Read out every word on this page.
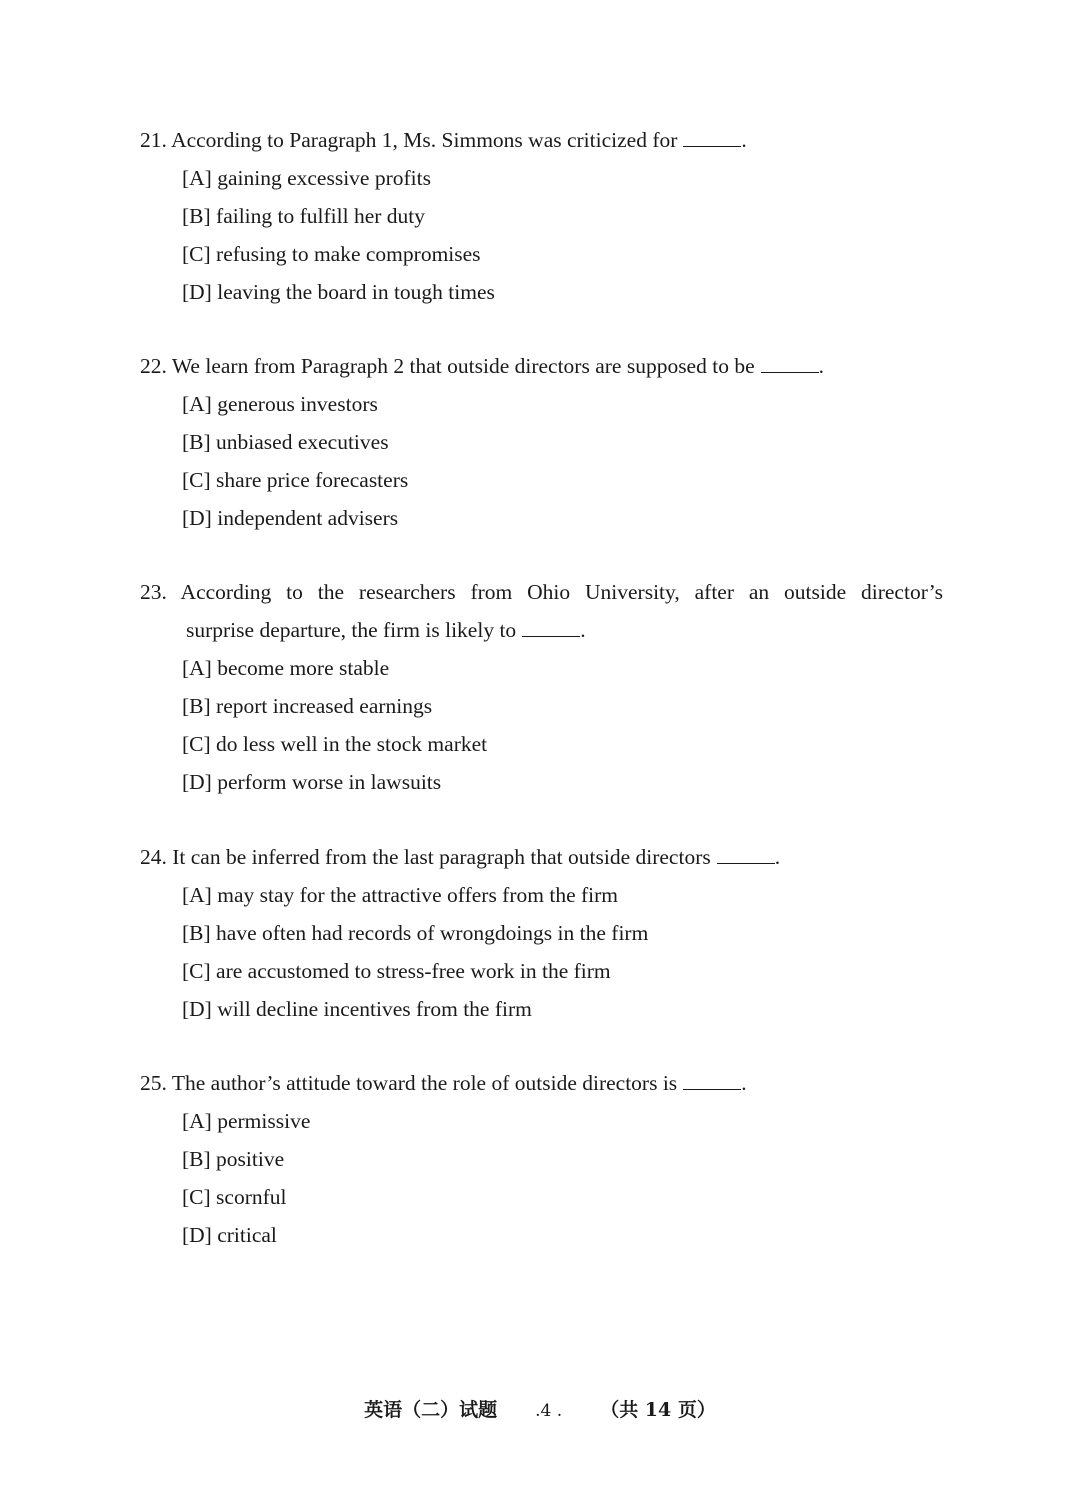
21. According to Paragraph 1, Ms. Simmons was criticized for	.
[A] gaining excessive profits
[B] failing to fulfill her duty
[C] refusing to make compromises
[D] leaving the board in tough times
22. We learn from Paragraph 2 that outside directors are supposed to be	.
[A] generous investors
[B] unbiased executives
[C] share price forecasters
[D] independent advisers
23. According to the researchers from Ohio University, after an outside director’s
surprise departure, the firm is likely to	.
[A] become more stable
[B] report increased earnings
[C] do less well in the stock market
[D] perform worse in lawsuits
24. It can be inferred from the last paragraph that outside directors	.
[A] may stay for the attractive offers from the firm
[B] have often had records of wrongdoings in the firm
[C] are accustomed to stress-free work in the firm
[D] will decline incentives from the firm
25. The author’s attitude toward the role of outside directors is	.
[A] permissive
[B] positive
[C] scornful
[D] critical
英语（二）试题 .4 . （共 14 页）
